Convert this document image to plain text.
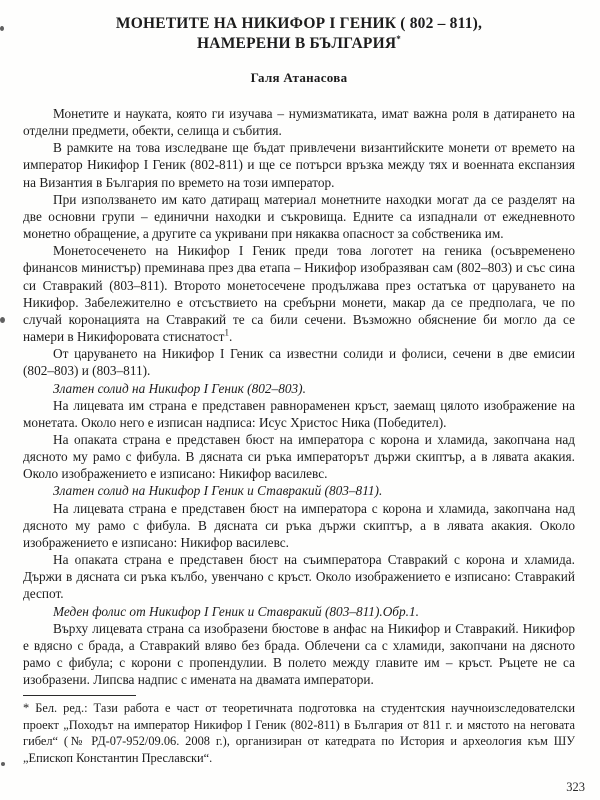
МОНЕТИТЕ НА НИКИФОР I ГЕНИК ( 802 – 811),
НАМЕРЕНИ В БЪЛГАРИЯ*
Галя Атанасова

Монетите и науката, която ги изучава – нумизматиката, имат важна роля в датирането на отделни предмети, обекти, селища и събития.

В рамките на това изследване ще бъдат привлечени византийските монети от времето на император Никифор I Геник (802-811) и ще се потърси връзка между тях и военната експанзия на Византия в България по времето на този император.

При използването им като датиращ материал монетните находки могат да се разделят на две основни групи – единични находки и съкровища. Едните са изпаднали от ежедневното монетно обращение, а другите са укривани при някаква опасност за собственика им.

Монетосеченето на Никифор I Геник преди това логотет на геника (осъвременено финансов министър) преминава през два етапа – Никифор изобразяван сам (802–803) и със сина си Ставракий (803–811). Второто монетосечене продължава през остатъка от царуването на Никифор. Забележително е отсъствието на сребърни монети, макар да се предполага, че по случай коронацията на Ставракий те са били сечени. Възможно обяснение би могло да се намери в Никифоровата стиснатост$^1$.

От царуването на Никифор I Геник са известни солиди и фолиси, сечени в две емисии (802–803) и (803–811).

Златен солид на Никифор I Геник (802–803).

На лицевата им страна е представен равнораменен кръст, заемащ цялото изображение на монетата. Около него е изписан надписа: Исус Христос Ника (Победител).

На опаката страна е представен бюст на императора с корона и хламида, закопчана над дясното му рамо с фибула. В дясната си ръка императорът държи скиптър, а в лявата акакия. Около изображението е изписано: Никифор василевс.

Златен солид на Никифор I Геник и Ставракий (803–811).

На лицевата страна е представен бюст на императора с корона и хламида, закопчана над дясното му рамо с фибула. В дясната си ръка държи скиптър, а в лявата акакия. Около изображението е изписано: Никифор василевс.

На опаката страна е представен бюст на съимператора Ставракий с корона и хламида. Държи в дясната си ръка кълбо, увенчано с кръст. Около изображението е изписано: Ставракий деспот.

Меден фолис от Никифор I Геник и Ставракий (803–811).Обр.1.

Върху лицевата страна са изобразени бюстове в анфас на Никифор и Ставракий. Никифор е вдясно с брада, а Ставракий вляво без брада. Облечени са с хламиди, закопчани на дясното рамо с фибула; с корони с пропендулии. В полето между главите им – кръст. Ръцете не са изобразени. Липсва надпис с имената на двамата императори.

* Бел. ред.: Тази работа е част от теоретичната подготовка на студентския научноизследователски проект „Походът на император Никифор I Геник (802-811) в България от 811 г. и мястото на неговата гибел“ (№ РД-07-952/09.06. 2008 г.), организиран от катедрата по История и археология към ШУ „Епископ Константин Преславски“.

323
